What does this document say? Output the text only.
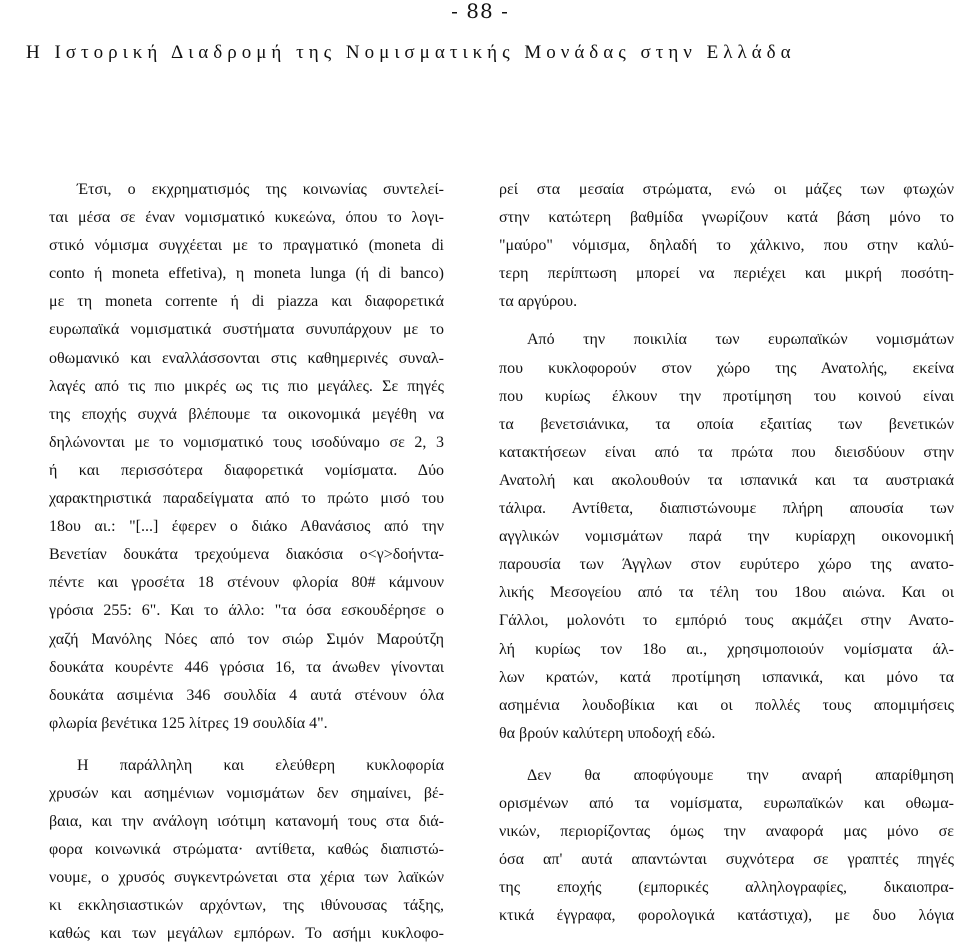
- 88 -
Η Ιστορική Διαδρομή της Νομισματικής Μονάδας στην Ελλάδα
Έτσι, ο εκχρηματισμός της κοινωνίας συντελεί-
ται μέσα σε έναν νομισματικό κυκεώνα, όπου το λογι-
στικό νόμισμα συγχέεται με το πραγματικό (moneta di
conto ή moneta effetiva), η moneta lunga (ή di banco)
με τη moneta corrente ή di piazza και διαφορετικά
ευρωπαϊκά νομισματικά συστήματα συνυπάρχουν με το
οθωμανικό και εναλλάσσονται στις καθημερινές συναλ-
λαγές από τις πιο μικρές ως τις πιο μεγάλες. Σε πηγές
της εποχής συχνά βλέπουμε τα οικονομικά μεγέθη να
δηλώνονται με το νομισματικό τους ισοδύναμο σε 2, 3
ή και περισσότερα διαφορετικά νομίσματα. Δύο
χαρακτηριστικά παραδείγματα από το πρώτο μισό του
18ου αι.: "[...] έφερεν ο διάκο Αθανάσιος από την
Βενετίαν δουκάτα τρεχούμενα διακόσια ο<γ>δοήντα-
πέντε και γροσέτα 18 στένουν φλορία 80# κάμνουν
γρόσια 255: 6". Και το άλλο: "τα όσα εσκουδέρησε ο
χαζή Μανόλης Νόες από τον σιώρ Σιμόν Μαρούτζη
δουκάτα κουρέντε 446 γρόσια 16, τα άνωθεν γίνονται
δουκάτα ασιμένια 346 σουλδία 4 αυτά στένουν όλα
φλωρία βενέτικα 125 λίτρες 19 σουλδία 4".
Η παράλληλη και ελεύθερη κυκλοφορία
χρυσών και ασημένιων νομισμάτων δεν σημαίνει, βέ-
βαια, και την ανάλογη ισότιμη κατανομή τους στα διά-
φορα κοινωνικά στρώματα· αντίθετα, καθώς διαπιστώ-
νουμε, ο χρυσός συγκεντρώνεται στα χέρια των λαϊκών
κι εκκλησιαστικών αρχόντων, της ιθύνουσας τάξης,
καθώς και των μεγάλων εμπόρων. Το ασήμι κυκλοφο-
ρεί στα μεσαία στρώματα, ενώ οι μάζες των φτωχών
στην κατώτερη βαθμίδα γνωρίζουν κατά βάση μόνο το
"μαύρο" νόμισμα, δηλαδή το χάλκινο, που στην καλύ-
τερη περίπτωση μπορεί να περιέχει και μικρή ποσότη-
τα αργύρου.
Από την ποικιλία των ευρωπαϊκών νομισμάτων
που κυκλοφορούν στον χώρο της Ανατολής, εκείνα
που κυρίως έλκουν την προτίμηση του κοινού είναι
τα βενετσιάνικα, τα οποία εξαιτίας των βενετικών
κατακτήσεων είναι από τα πρώτα που διεισδύουν στην
Ανατολή και ακολουθούν τα ισπανικά και τα αυστριακά
τάλιρα. Αντίθετα, διαπιστώνουμε πλήρη απουσία των
αγγλικών νομισμάτων παρά την κυρίαρχη οικονομική
παρουσία των Άγγλων στον ευρύτερο χώρο της ανατο-
λικής Μεσογείου από τα τέλη του 18ου αιώνα. Και οι
Γάλλοι, μολονότι το εμπόριό τους ακμάζει στην Ανατο-
λή κυρίως τον 18ο αι., χρησιμοποιούν νομίσματα άλ-
λων κρατών, κατά προτίμηση ισπανικά, και μόνο τα
ασημένια λουδοβίκια και οι πολλές τους απομιμήσεις
θα βρούν καλύτερη υποδοχή εδώ.
Δεν θα αποφύγουμε την αναρή απαρίθμηση
ορισμένων από τα νομίσματα, ευρωπαϊκών και οθωμα-
νικών, περιορίζοντας όμως την αναφορά μας μόνο σε
όσα απ' αυτά απαντώνται συχνότερα σε γραπτές πηγές
της εποχής (εμπορικές αλληλογραφίες, δικαιοπρα-
κτικά έγγραφα, φορολογικά κατάστιχα), με δυο λόγια
